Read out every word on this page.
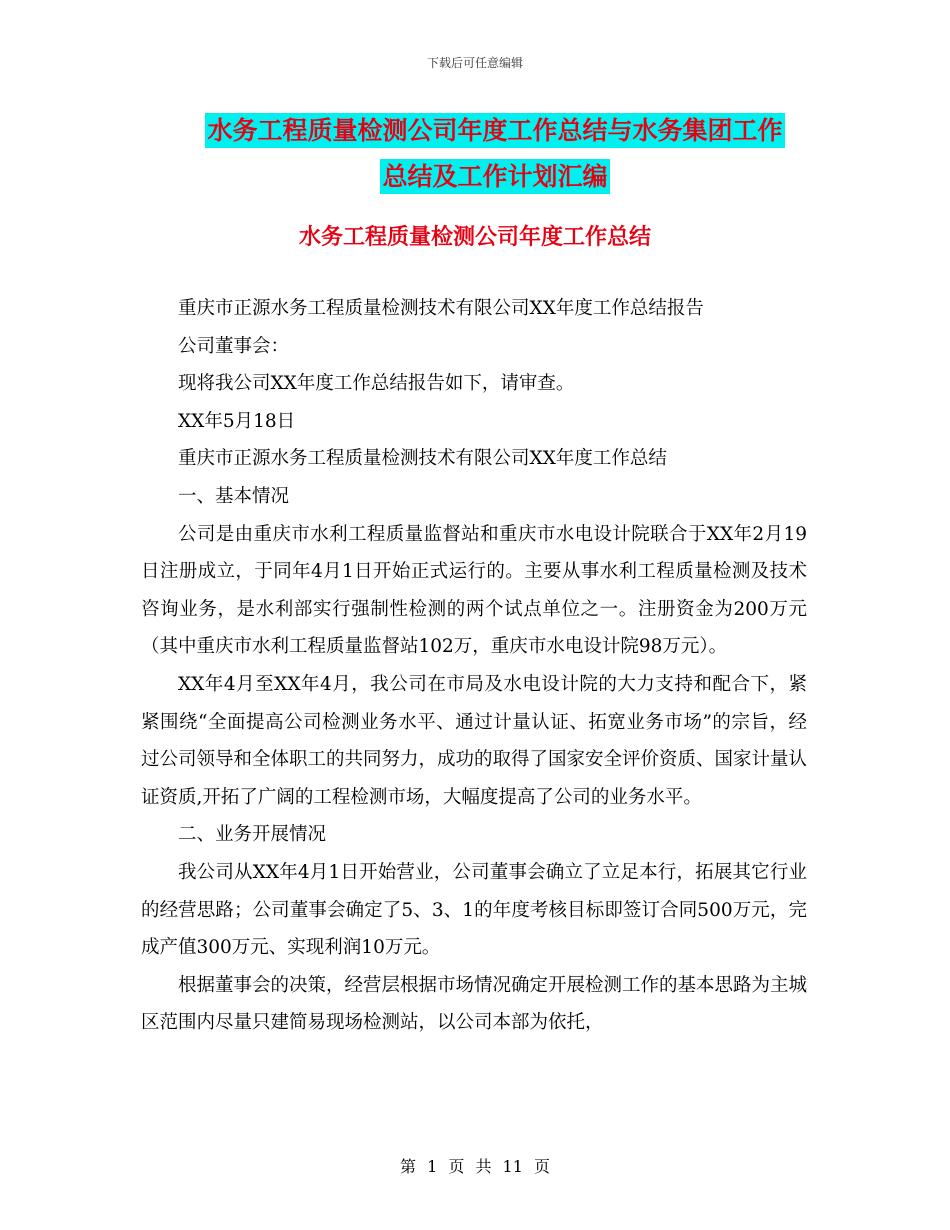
下载后可任意编辑
水务工程质量检测公司年度工作总结与水务集团工作
总结及工作计划汇编
水务工程质量检测公司年度工作总结

重庆市正源水务工程质量检测技术有限公司XX年度工作总结报告

公司董事会：

现将我公司XX年度工作总结报告如下，请审查。

XX年5月18日

重庆市正源水务工程质量检测技术有限公司XX年度工作总结

一、基本情况

公司是由重庆市水利工程质量监督站和重庆市水电设计院联合于XX年2月19日注册成立，于同年4月1日开始正式运行的。主要从事水利工程质量检测及技术咨询业务，是水利部实行强制性检测的两个试点单位之一。注册资金为200万元（其中重庆市水利工程质量监督站102万，重庆市水电设计院98万元）。

XX年4月至XX年4月，我公司在市局及水电设计院的大力支持和配合下，紧紧围绕“全面提高公司检测业务水平、通过计量认证、拓宽业务市场”的宗旨，经过公司领导和全体职工的共同努力，成功的取得了国家安全评价资质、国家计量认证资质,开拓了广阔的工程检测市场，大幅度提高了公司的业务水平。

二、业务开展情况

我公司从XX年4月1日开始营业，公司董事会确立了立足本行，拓展其它行业的经营思路；公司董事会确定了5、3、1的年度考核目标即签订合同500万元，完成产值300万元、实现利润10万元。

根据董事会的决策，经营层根据市场情况确定开展检测工作的基本思路为主城区范围内尽量只建简易现场检测站，以公司本部为依托，

第 1 页 共 11 页
